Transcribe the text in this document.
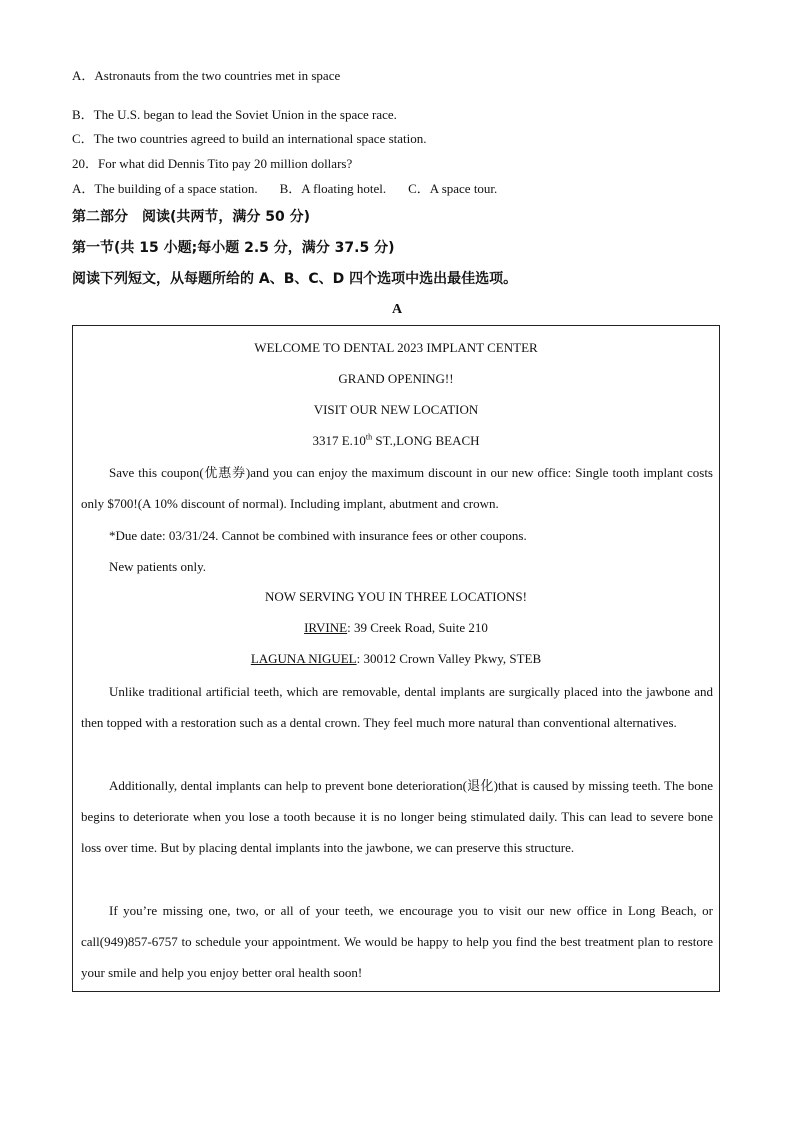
A．Astronauts from the two countries met in space
B．The U.S. began to lead the Soviet Union in the space race.
C．The two countries agreed to build an international space station.
20．For what did Dennis Tito pay 20 million dollars?
A．The building of a space station. B．A floating hotel. C．A space tour.
第二部分　阅读(共两节，满分 50 分)
第一节(共 15 小题;每小题 2.5 分，满分 37.5 分)
阅读下列短文，从每题所给的 A、B、C、D 四个选项中选出最佳选项。
A
WELCOME TO DENTAL 2023 IMPLANT CENTER
GRAND OPENING!!
VISIT OUR NEW LOCATION
3317 E.10th ST.,LONG BEACH

Save this coupon(优惠券)and you can enjoy the maximum discount in our new office: Single tooth implant costs only $700!(A 10% discount of normal). Including implant, abutment and crown.

*Due date: 03/31/24. Cannot be combined with insurance fees or other coupons.

New patients only.

NOW SERVING YOU IN THREE LOCATIONS!
IRVINE: 39 Creek Road, Suite 210
LAGUNA NIGUEL: 30012 Crown Valley Pkwy, STEB

Unlike traditional artificial teeth, which are removable, dental implants are surgically placed into the jawbone and then topped with a restoration such as a dental crown. They feel much more natural than conventional alternatives.

Additionally, dental implants can help to prevent bone deterioration(退化)that is caused by missing teeth. The bone begins to deteriorate when you lose a tooth because it is no longer being stimulated daily. This can lead to severe bone loss over time. But by placing dental implants into the jawbone, we can preserve this structure.

If you’re missing one, two, or all of your teeth, we encourage you to visit our new office in Long Beach, or call(949)857-6757 to schedule your appointment. We would be happy to help you find the best treatment plan to restore your smile and help you enjoy better oral health soon!
